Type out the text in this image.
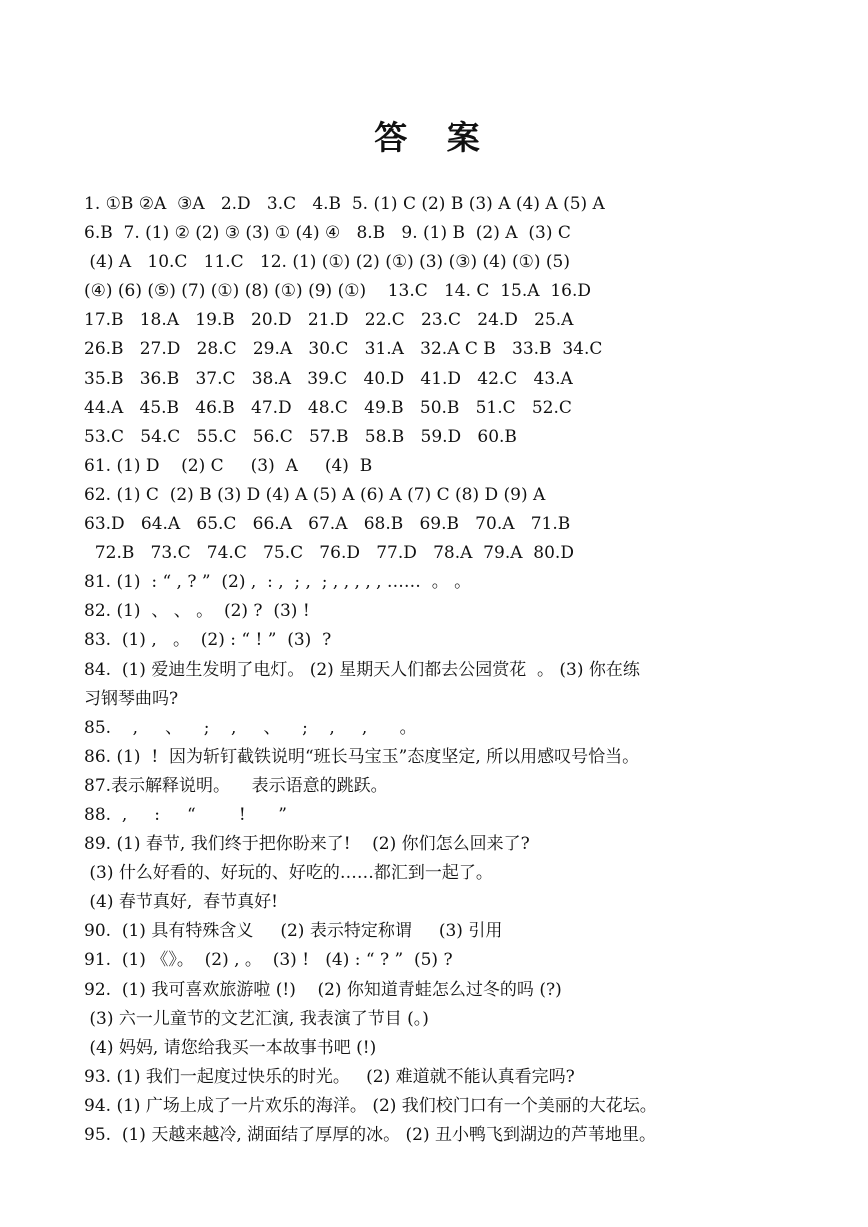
答 案
1. ①B ②A  ③A   2.D   3.C   4.B  5. (1) C (2) B (3) A (4) A (5) A
6.B  7. (1) ② (2) ③ (3) ① (4) ④   8.B   9. (1) B  (2) A  (3) C
(4) A   10.C   11.C   12. (1) (①) (2) (①) (3) (③) (4) (①) (5)
(④) (6) (⑤) (7) (①) (8) (①) (9) (①)    13.C   14. C  15.A  16.D
17.B   18.A   19.B   20.D   21.D   22.C   23.C   24.D   25.A
26.B   27.D   28.C   29.A   30.C   31.A   32.A C B   33.B  34.C
35.B   36.B   37.C   38.A   39.C   40.D   41.D   42.C   43.A
44.A   45.B   46.B   47.D   48.C   49.B   50.B   51.C   52.C
53.C   54.C   55.C   56.C   57.B   58.B   59.D   60.B
61. (1) D    (2) C     (3)  A     (4)  B
62. (1) C  (2) B (3) D (4) A (5) A (6) A (7) C (8) D (9) A
63.D   64.A   65.C   66.A   67.A   68.B   69.B   70.A   71.B
72.B   73.C   74.C   75.C   76.D   77.D   78.A  79.A  80.D
81. (1)  : “ , ? ”  (2) ,  : ,  ; ,  ; , , , , , ……  。 。
82. (1)  、 、 。  (2) ?  (3) !
83.  (1) ,   。  (2) : “ ! ”  (3)  ?
84.  (1) 爱迪生发明了电灯。 (2) 星期天人们都去公园赏花  。 (3) 你在练
习钢琴曲吗?
85.    ,     、    ;    ,     、    ;    ,     ,      。
86. (1)  !  因为斩钉截铁说明“班长马宝玉”态度坚定, 所以用感叹号恰当。
87.表示解释说明。    表示语意的跳跃。
88.  ,     :     “        !      ”
89. (1) 春节, 我们终于把你盼来了!    (2) 你们怎么回来了?
(3) 什么好看的、好玩的、好吃的……都汇到一起了。
(4) 春节真好,  春节真好!
90.  (1) 具有特殊含义     (2) 表示特定称谓     (3) 引用
91.  (1) 《》。  (2) , 。  (3) !   (4) : “ ? ”  (5) ?
92.  (1) 我可喜欢旅游啦 (!)    (2) 你知道青蛙怎么过冬的吗 (?)
(3) 六一儿童节的文艺汇演, 我表演了节目 (。)
(4) 妈妈, 请您给我买一本故事书吧 (!)
93. (1) 我们一起度过快乐的时光。   (2) 难道就不能认真看完吗?
94. (1) 广场上成了一片欢乐的海洋。 (2) 我们校门口有一个美丽的大花坛。
95.  (1) 天越来越冷, 湖面结了厚厚的冰。 (2) 丑小鸭飞到湖边的芦苇地里。
